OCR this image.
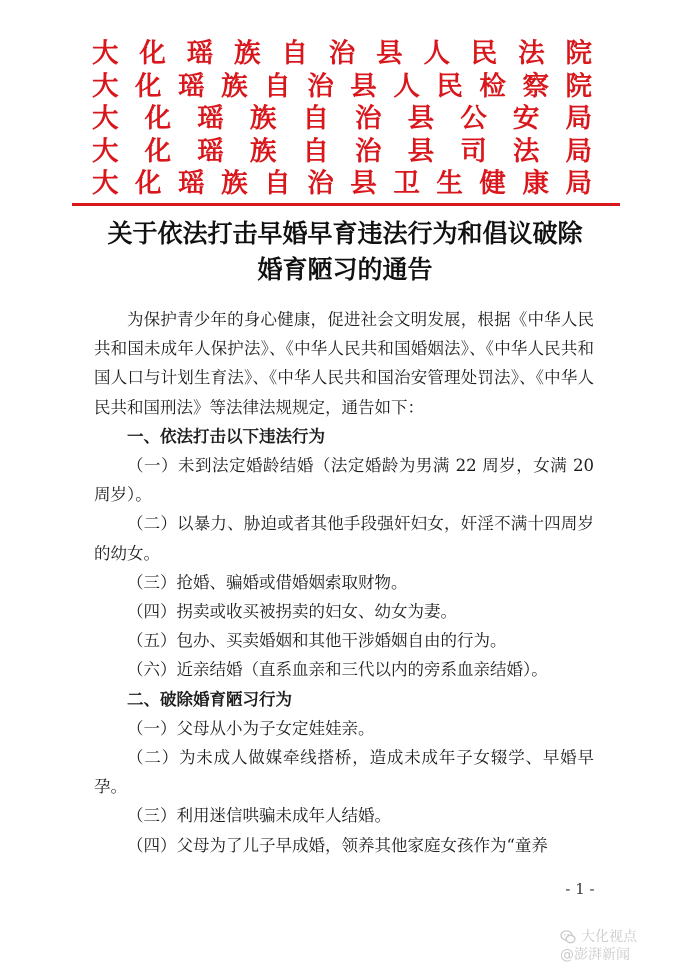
大化瑶族自治县人民法院
大化瑶族自治县人民检察院
大化瑶族自治县公安局
大化瑶族自治县司法局
大化瑶族自治县卫生健康局
关于依法打击早婚早育违法行为和倡议破除
婚育陋习的通告

为保护青少年的身心健康，促进社会文明发展，根据《中华人民共和国未成年人保护法》、《中华人民共和国婚姻法》、《中华人民共和国人口与计划生育法》、《中华人民共和国治安管理处罚法》、《中华人民共和国刑法》等法律法规规定，通告如下：

一、依法打击以下违法行为

（一）未到法定婚龄结婚（法定婚龄为男满 22 周岁，女满 20 周岁）。

（二）以暴力、胁迫或者其他手段强奸妇女，奸淫不满十四周岁的幼女。

（三）抢婚、骗婚或借婚姻索取财物。

（四）拐卖或收买被拐卖的妇女、幼女为妻。

（五）包办、买卖婚姻和其他干涉婚姻自由的行为。

（六）近亲结婚（直系血亲和三代以内的旁系血亲结婚）。

二、破除婚育陋习行为

（一）父母从小为子女定娃娃亲。

（二）为未成人做媒牵线搭桥，造成未成年子女辍学、早婚早孕。

（三）利用迷信哄骗未成年人结婚。

（四）父母为了儿子早成婚，领养其他家庭女孩作为“童养

- 1 -
大化视点
@澎湃新闻
